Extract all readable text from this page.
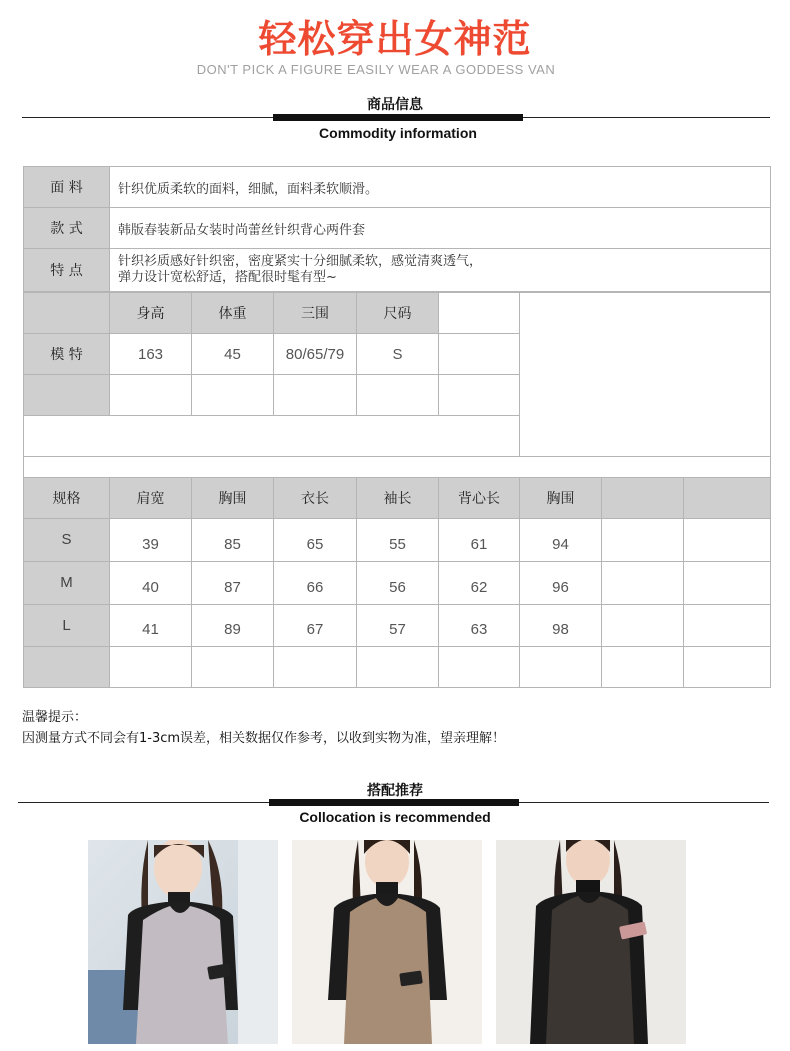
轻松穿出女神范
DON'T PICK A FIGURE EASILY WEAR A GODDESS VAN
商品信息
Commodity information
面 料	针织优质柔软的面料，细腻，面料柔软顺滑。
款 式	韩版春装新品女装时尚蕾丝针织背心两件套
特 点	针织衫质感好针织密，密度紧实十分细腻柔软，感觉清爽透气，
弹力设计宽松舒适，搭配很时髦有型~
	身高	体重	三围	尺码		
模 特	163	45	80/65/79	S		

规格	肩宽	胸围	衣长	袖长	背心长	胸围		
S	39	85	65	55	61	94		
M	40	87	66	56	62	96		
L	41	89	67	57	63	98		

温馨提示：
因测量方式不同会有1-3cm误差，相关数据仅作参考，以收到实物为准，望亲理解！
搭配推荐
Collocation is recommended
